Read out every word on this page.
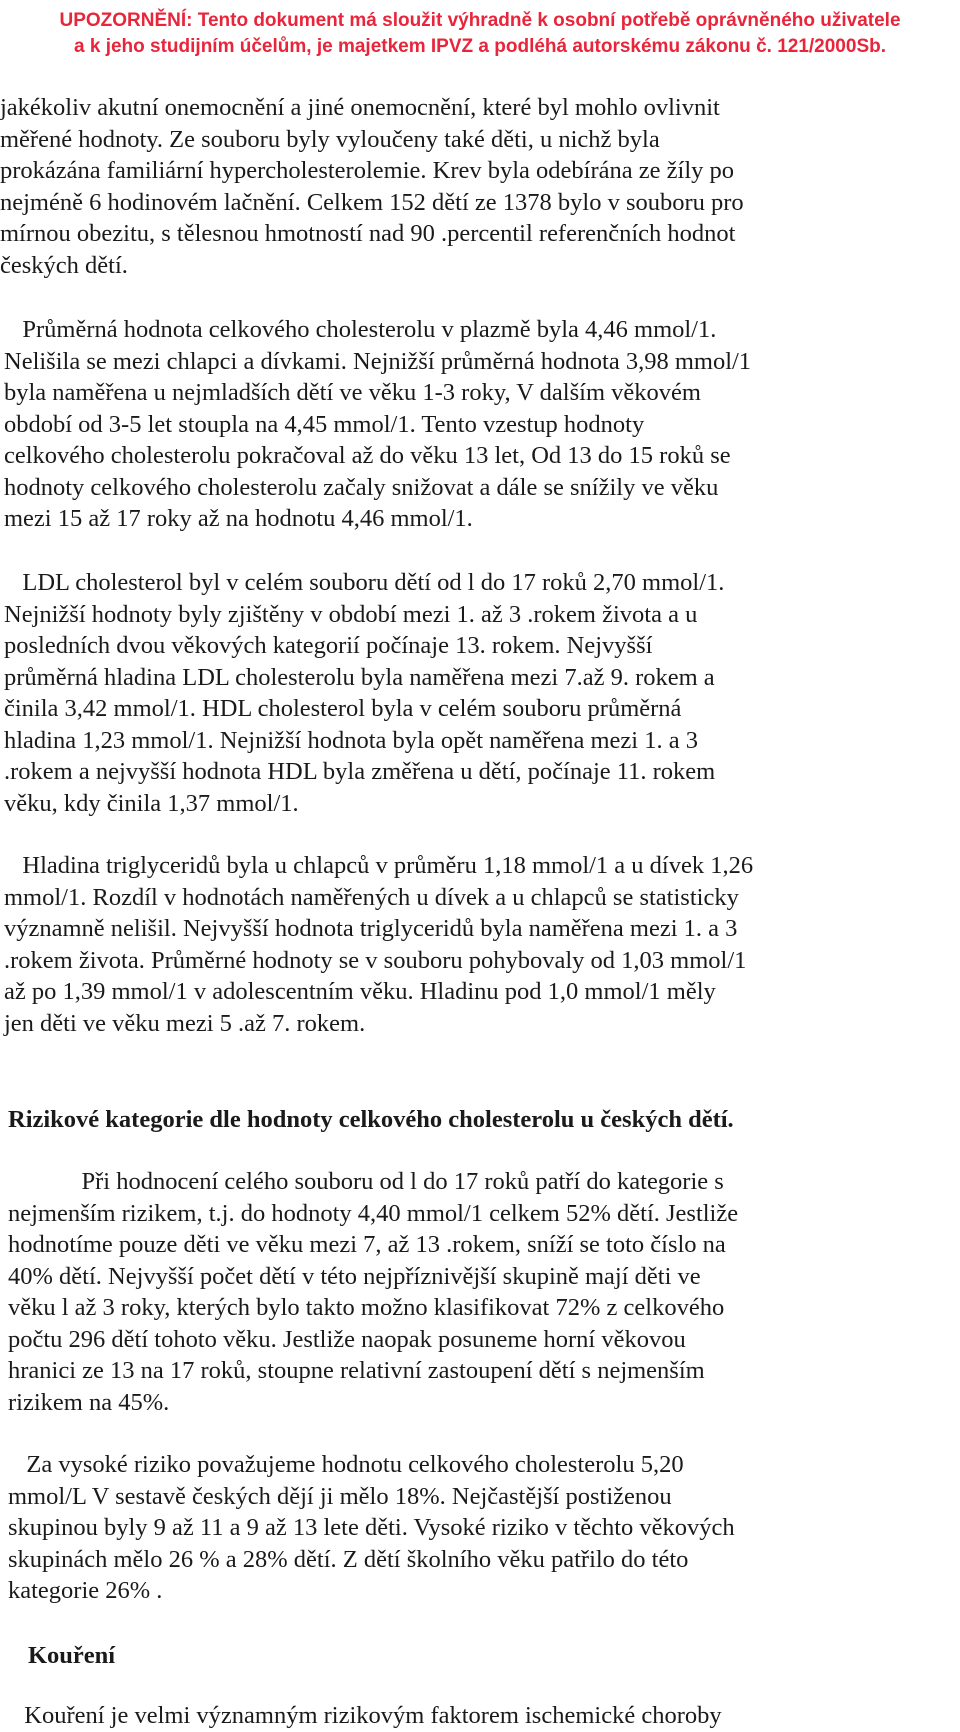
UPOZORNĚNÍ: Tento dokument má sloužit výhradně k osobní potřebě oprávněného uživatele
a k jeho studijním účelům, je majetkem IPVZ a podléhá autorskému zákonu č. 121/2000Sb.
jakékoliv akutní onemocnění a jiné onemocnění, které byl mohlo ovlivnit
měřené hodnoty. Ze souboru byly vyloučeny také děti, u nichž byla
prokázána familiární hypercholesterolemie. Krev byla odebírána ze žíly po
nejméně 6 hodinovém lačnění. Celkem 152 dětí ze 1378 bylo v souboru pro
mírnou obezitu, s tělesnou hmotností nad 90 .percentil referenčních hodnot
českých dětí.
Průměrná hodnota celkového cholesterolu v plazmě byla 4,46 mmol/1.
Nelišila se mezi chlapci a dívkami. Nejnižší průměrná hodnota 3,98 mmol/1
byla naměřena u nejmladších dětí ve věku 1-3 roky, V dalším věkovém
období od 3-5 let stoupla na 4,45 mmol/1. Tento vzestup hodnoty
celkového cholesterolu pokračoval až do věku 13 let, Od 13 do 15 roků se
hodnoty celkového cholesterolu začaly snižovat a dále se snížily ve věku
mezi 15 až 17 roky až na hodnotu 4,46 mmol/1.
LDL cholesterol byl v celém souboru dětí od l do 17 roků 2,70 mmol/1.
Nejnižší hodnoty byly zjištěny v období mezi 1. až 3 .rokem života a u
posledních dvou věkových kategorií počínaje 13. rokem. Nejvyšší
průměrná hladina LDL cholesterolu byla naměřena mezi 7.až 9. rokem a
činila 3,42 mmol/1. HDL cholesterol byla v celém souboru průměrná
hladina 1,23 mmol/1. Nejnižší hodnota byla opět naměřena mezi 1. a 3
.rokem a nejvyšší hodnota HDL byla změřena u dětí, počínaje 11. rokem
věku, kdy činila 1,37 mmol/1.
Hladina triglyceridů byla u chlapců v průměru 1,18 mmol/1 a u dívek 1,26
mmol/1. Rozdíl v hodnotách naměřených u dívek a u chlapců se statisticky
významně nelišil. Nejvyšší hodnota triglyceridů byla naměřena mezi 1. a 3
.rokem života. Průměrné hodnoty se v souboru pohybovaly od 1,03 mmol/1
až po 1,39 mmol/1 v adolescentním věku. Hladinu pod 1,0 mmol/1 měly
jen děti ve věku mezi 5 .až 7. rokem.
Rizikové kategorie dle hodnoty celkového cholesterolu u českých dětí.
Při hodnocení celého souboru od l do 17 roků patří do kategorie s
nejmenším rizikem, t.j. do hodnoty 4,40 mmol/1 celkem 52% dětí. Jestliže
hodnotíme pouze děti ve věku mezi 7, až 13 .rokem, sníží se toto číslo na
40% dětí. Nejvyšší počet dětí v této nejpříznivější skupině mají děti ve
věku l až 3 roky, kterých bylo takto možno klasifikovat 72% z celkového
počtu 296 dětí tohoto věku. Jestliže naopak posuneme horní věkovou
hranici ze 13 na 17 roků, stoupne relativní zastoupení dětí s nejmenším
rizikem na 45%.
Za vysoké riziko považujeme hodnotu celkového cholesterolu 5,20
mmol/L V sestavě českých dějí ji mělo 18%. Nejčastější postiženou
skupinou byly 9 až 11 a 9 až 13 lete děti. Vysoké riziko v těchto věkových
skupinách mělo 26 % a 28% dětí. Z dětí školního věku patřilo do této
kategorie 26% .
Kouření
Kouření je velmi významným rizikovým faktorem ischemické choroby
